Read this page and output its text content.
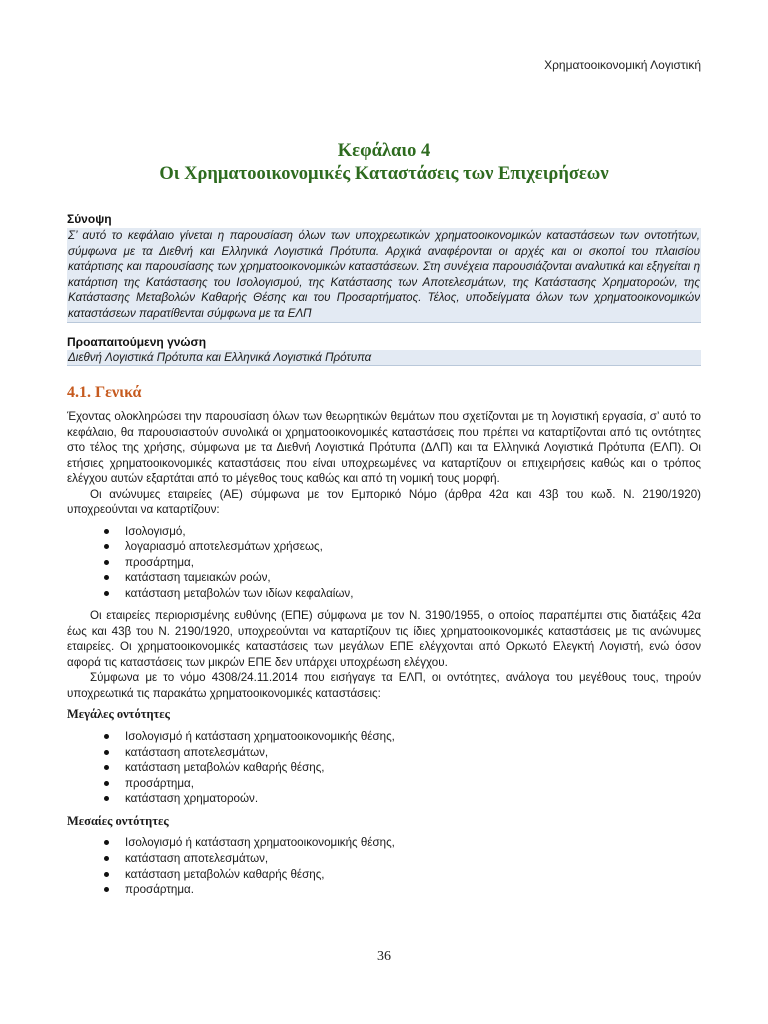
Χρηματοοικονομική Λογιστική
Κεφάλαιο 4
Οι Χρηματοοικονομικές Καταστάσεις των Επιχειρήσεων
Σύνοψη
Σ’ αυτό το κεφάλαιο γίνεται η παρουσίαση όλων των υποχρεωτικών χρηματοοικονομικών καταστάσεων των οντοτήτων, σύμφωνα με τα Διεθνή και Ελληνικά Λογιστικά Πρότυπα. Αρχικά αναφέρονται οι αρχές και οι σκοποί του πλαισίου κατάρτισης και παρουσίασης των χρηματοοικονομικών καταστάσεων. Στη συνέχεια παρουσιάζονται αναλυτικά και εξηγείται η κατάρτιση της Κατάστασης του Ισολογισμού, της Κατάστασης των Αποτελεσμάτων, της Κατάστασης Χρηματοροών, της Κατάστασης Μεταβολών Καθαρής Θέσης και του Προσαρτήματος. Τέλος, υποδείγματα όλων των χρηματοοικονομικών καταστάσεων παρατίθενται σύμφωνα με τα ΕΛΠ
Προαπαιτούμενη γνώση
Διεθνή Λογιστικά Πρότυπα και Ελληνικά Λογιστικά Πρότυπα
4.1. Γενικά

Έχοντας ολοκληρώσει την παρουσίαση όλων των θεωρητικών θεμάτων που σχετίζονται με τη λογιστική εργασία, σ’ αυτό το κεφάλαιο, θα παρουσιαστούν συνολικά οι χρηματοοικονομικές καταστάσεις που πρέπει να καταρτίζονται από τις οντότητες στο τέλος της χρήσης, σύμφωνα με τα Διεθνή Λογιστικά Πρότυπα (ΔΛΠ) και τα Ελληνικά Λογιστικά Πρότυπα (ΕΛΠ). Οι ετήσιες χρηματοοικονομικές καταστάσεις που είναι υποχρεωμένες να καταρτίζουν οι επιχειρήσεις καθώς και ο τρόπος ελέγχου αυτών εξαρτάται από το μέγεθος τους καθώς και από τη νομική τους μορφή.

Οι ανώνυμες εταιρείες (ΑΕ) σύμφωνα με τον Εμπορικό Νόμο (άρθρα 42α και 43β του κωδ. Ν. 2190/1920) υποχρεούνται να καταρτίζουν:

Ισολογισμό,
λογαριασμό αποτελεσμάτων χρήσεως,
προσάρτημα,
κατάσταση ταμειακών ροών,
κατάσταση μεταβολών των ιδίων κεφαλαίων,

Οι εταιρείες περιορισμένης ευθύνης (ΕΠΕ) σύμφωνα με τον Ν. 3190/1955, ο οποίος παραπέμπει στις διατάξεις 42α έως και 43β του Ν. 2190/1920, υποχρεούνται να καταρτίζουν τις ίδιες χρηματοοικονομικές καταστάσεις με τις ανώνυμες εταιρείες. Οι χρηματοοικονομικές καταστάσεις των μεγάλων ΕΠΕ ελέγχονται από Ορκωτό Ελεγκτή Λογιστή, ενώ όσον αφορά τις καταστάσεις των μικρών ΕΠΕ δεν υπάρχει υποχρέωση ελέγχου.

Σύμφωνα με το νόμο 4308/24.11.2014 που εισήγαγε τα ΕΛΠ, οι οντότητες, ανάλογα του μεγέθους τους, τηρούν υποχρεωτικά τις παρακάτω χρηματοοικονομικές καταστάσεις:

Μεγάλες οντότητες
Ισολογισμό ή κατάσταση χρηματοοικονομικής θέσης,
κατάσταση αποτελεσμάτων,
κατάσταση μεταβολών καθαρής θέσης,
προσάρτημα,
κατάσταση χρηματοροών.
Μεσαίες οντότητες
Ισολογισμό ή κατάσταση χρηματοοικονομικής θέσης,
κατάσταση αποτελεσμάτων,
κατάσταση μεταβολών καθαρής θέσης,
προσάρτημα.
36
